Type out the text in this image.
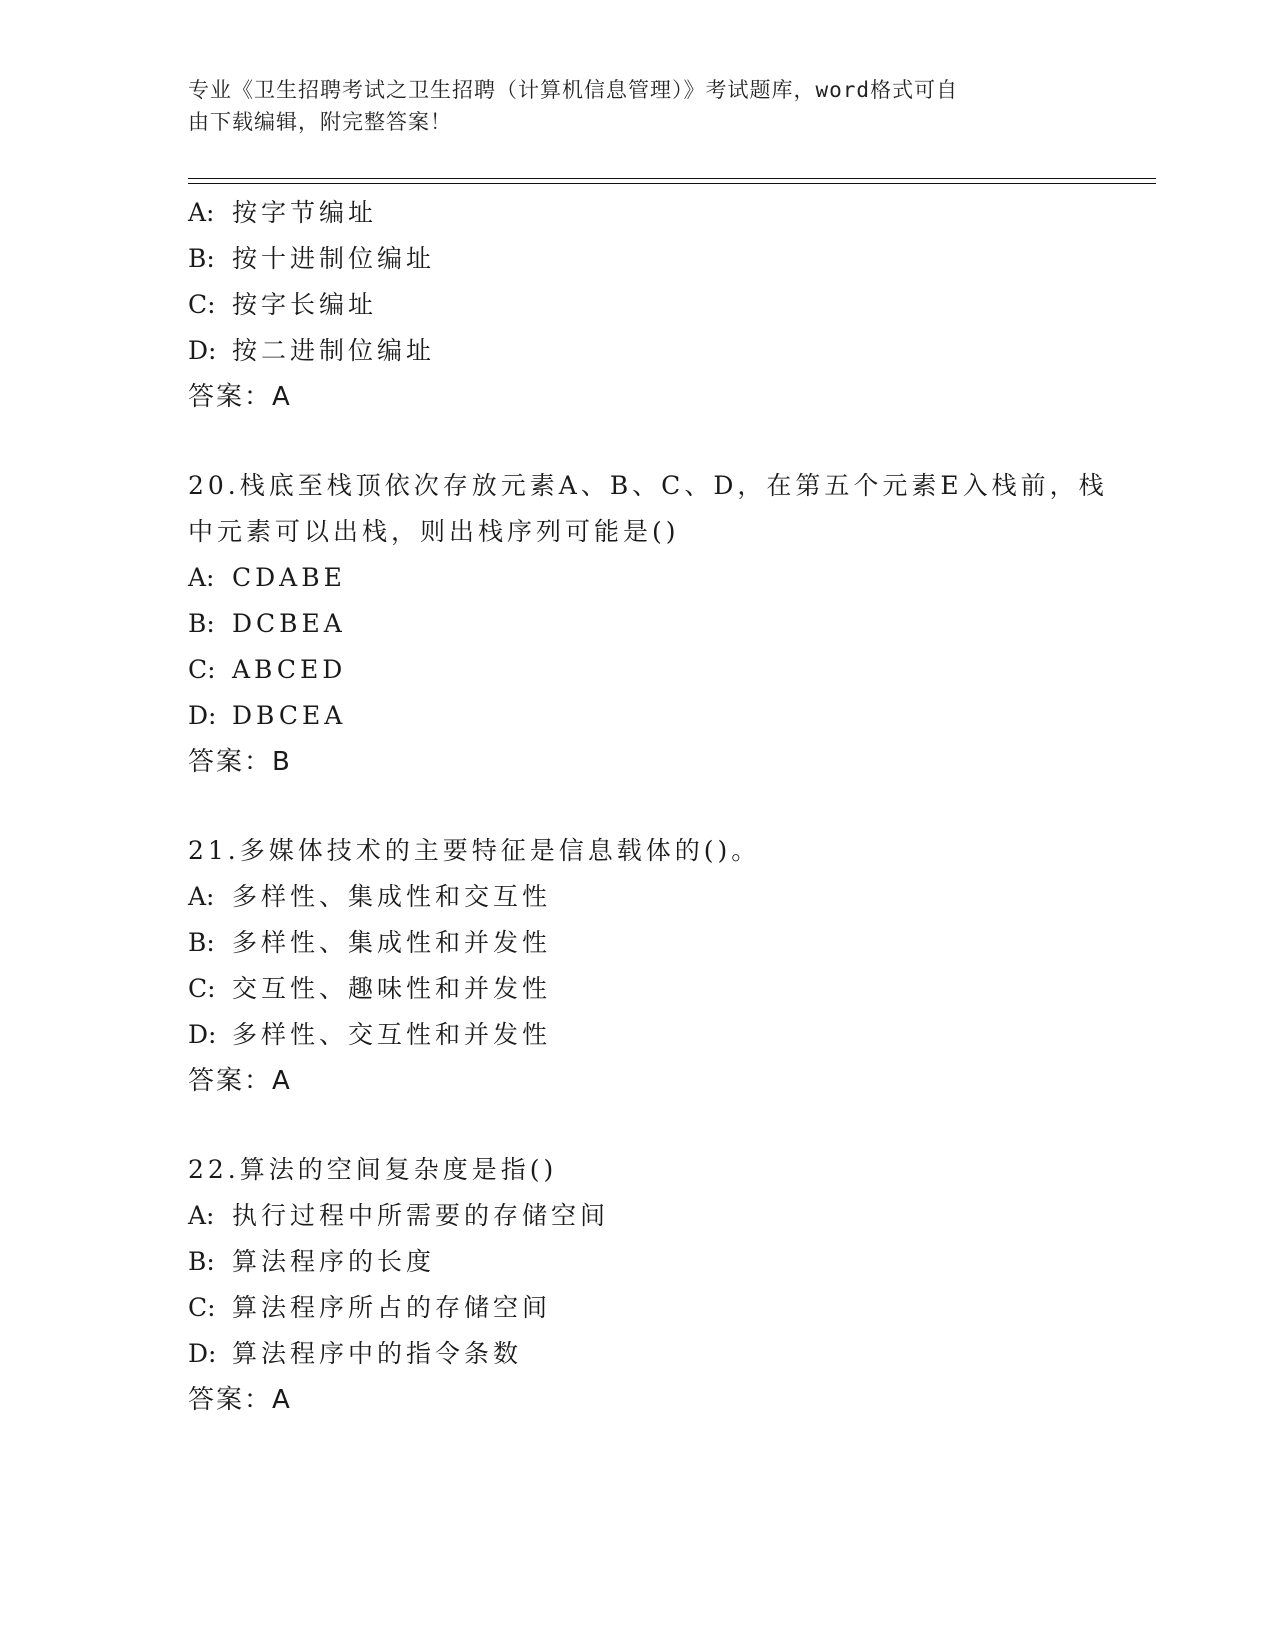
专业《卫生招聘考试之卫生招聘（计算机信息管理）》考试题库，word格式可自
由下载编辑，附完整答案！
A: 按字节编址
B: 按十进制位编址
C: 按字长编址
D: 按二进制位编址
答案：A
20.栈底至栈顶依次存放元素A、B、C、D，在第五个元素E入栈前，栈
中元素可以出栈，则出栈序列可能是()
A: CDABE
B: DCBEA
C: ABCED
D: DBCEA
答案：B
21.多媒体技术的主要特征是信息载体的()。
A: 多样性、集成性和交互性
B: 多样性、集成性和并发性
C: 交互性、趣味性和并发性
D: 多样性、交互性和并发性
答案：A
22.算法的空间复杂度是指()
A: 执行过程中所需要的存储空间
B: 算法程序的长度
C: 算法程序所占的存储空间
D: 算法程序中的指令条数
答案：A
